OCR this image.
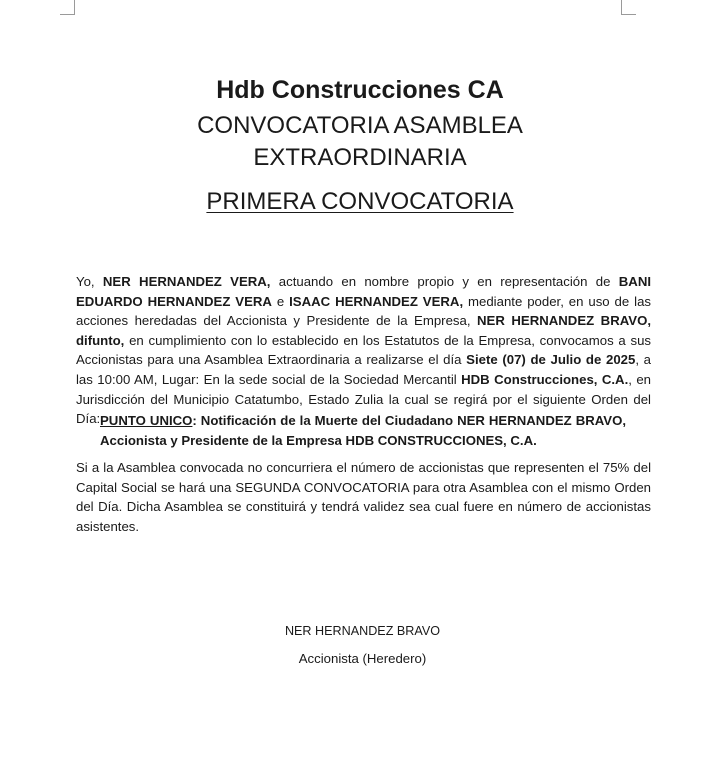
Hdb Construcciones CA
CONVOCATORIA ASAMBLEA
EXTRAORDINARIA
PRIMERA CONVOCATORIA
Yo, NER HERNANDEZ VERA, actuando en nombre propio y en representación de BANI EDUARDO HERNANDEZ VERA e ISAAC HERNANDEZ VERA, mediante poder, en uso de las acciones heredadas del Accionista y Presidente de la Empresa, NER HERNANDEZ BRAVO, difunto, en cumplimiento con lo establecido en los Estatutos de la Empresa, convocamos a sus Accionistas para una Asamblea Extraordinaria a realizarse el día Siete (07) de Julio de 2025, a las 10:00 AM, Lugar: En la sede social de la Sociedad Mercantil HDB Construcciones, C.A., en Jurisdicción del Municipio Catatumbo, Estado Zulia la cual se regirá por el siguiente Orden del Día: PUNTO UNICO: Notificación de la Muerte del Ciudadano NER HERNANDEZ BRAVO, Accionista y Presidente de la Empresa HDB CONSTRUCCIONES, C.A.
Si a la Asamblea convocada no concurriera el número de accionistas que representen el 75% del Capital Social se hará una SEGUNDA CONVOCATORIA para otra Asamblea con el mismo Orden del Día. Dicha Asamblea se constituirá y tendrá validez sea cual fuere en número de accionistas asistentes.
NER HERNANDEZ BRAVO
Accionista (Heredero)
